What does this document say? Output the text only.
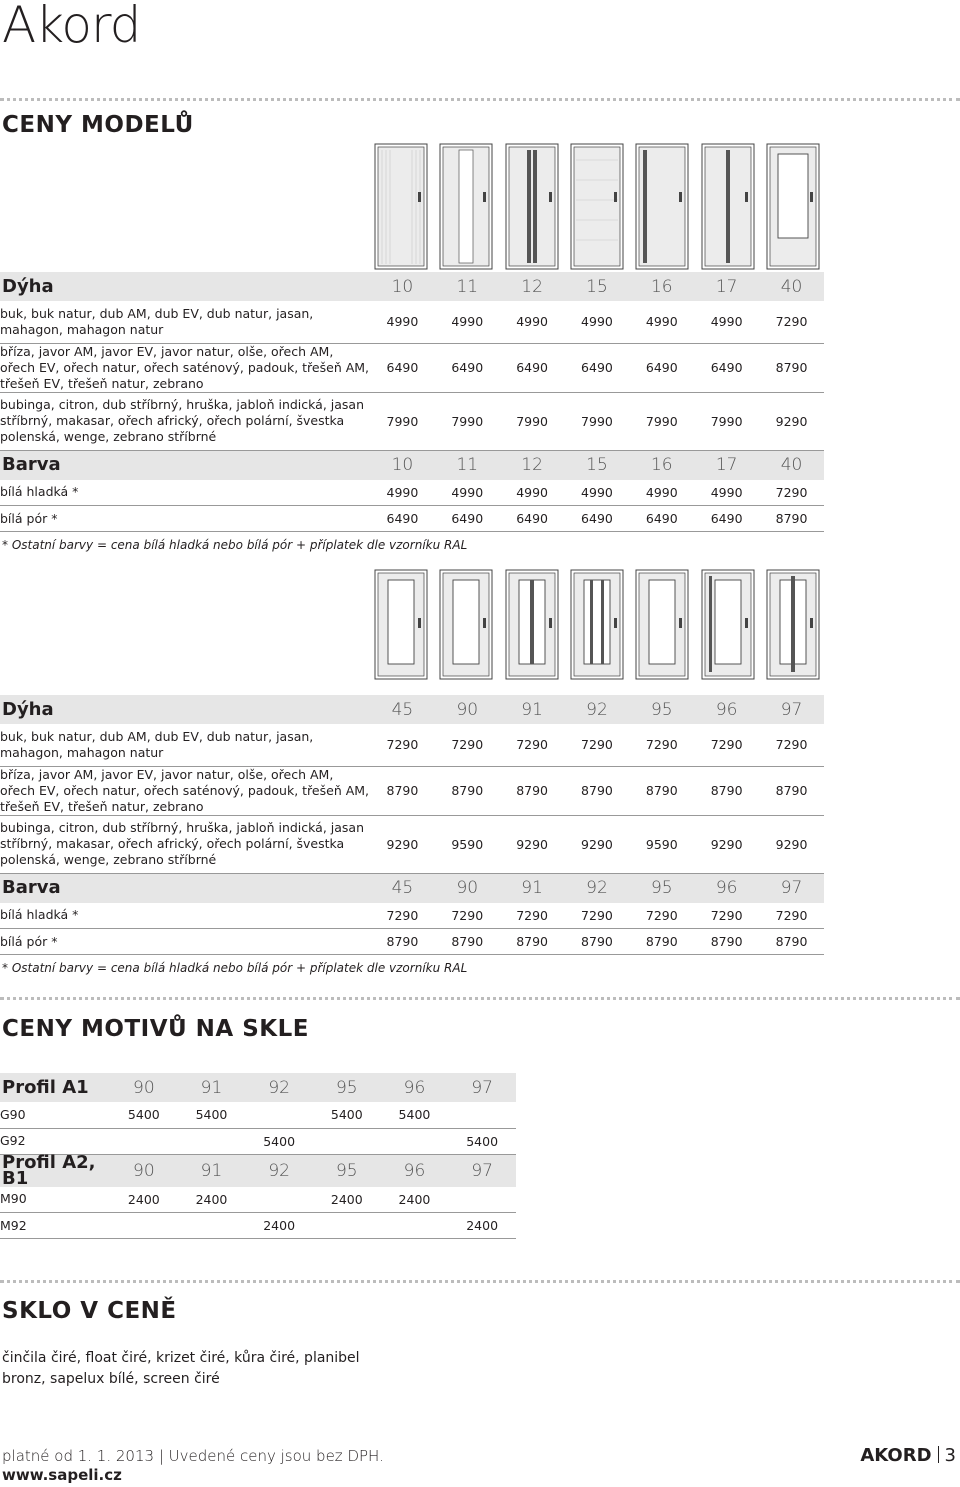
Akord
CENY MODELŮ
Dýha	10	11	12	15	16	17	40
buk, buk natur, dub AM, dub EV, dub natur, jasan, mahagon, mahagon natur	4990	4990	4990	4990	4990	4990	7290
bříza, javor AM, javor EV, javor natur, olše, ořech AM, ořech EV, ořech natur, ořech saténový, padouk, třešeň AM, třešeň EV, třešeň natur, zebrano	6490	6490	6490	6490	6490	6490	8790
bubinga, citron, dub stříbrný, hruška, jabloň indická, jasan stříbrný, makasar, ořech africký, ořech polární, švestka polenská, wenge, zebrano stříbrné	7990	7990	7990	7990	7990	7990	9290
Barva	10	11	12	15	16	17	40
bílá hladká *	4990	4990	4990	4990	4990	4990	7290
bílá pór *	6490	6490	6490	6490	6490	6490	8790
* Ostatní barvy = cena bílá hladká nebo bílá pór + příplatek dle vzorníku RAL
Dýha	45	90	91	92	95	96	97
buk, buk natur, dub AM, dub EV, dub natur, jasan, mahagon, mahagon natur	7290	7290	7290	7290	7290	7290	7290
bříza, javor AM, javor EV, javor natur, olše, ořech AM, ořech EV, ořech natur, ořech saténový, padouk, třešeň AM, třešeň EV, třešeň natur, zebrano	8790	8790	8790	8790	8790	8790	8790
bubinga, citron, dub stříbrný, hruška, jabloň indická, jasan stříbrný, makasar, ořech africký, ořech polární, švestka polenská, wenge, zebrano stříbrné	9290	9590	9290	9290	9590	9290	9290
Barva	45	90	91	92	95	96	97
bílá hladká *	7290	7290	7290	7290	7290	7290	7290
bílá pór *	8790	8790	8790	8790	8790	8790	8790
* Ostatní barvy = cena bílá hladká nebo bílá pór + příplatek dle vzorníku RAL
CENY MOTIVŮ NA SKLE
Profil A1	90	91	92	95	96	97
G90	5400	5400		5400	5400	
G92			5400			5400
Profil A2, B1	90	91	92	95	96	97
M90	2400	2400		2400	2400	
M92			2400			2400
SKLO V CENĚ
činčila čiré, float čiré, krizet čiré, kůra čiré, planibel bronz, sapelux bílé, screen čiré
platné od 1. 1. 2013 | Uvedené ceny jsou bez DPH.
www.sapeli.cz
AKORD 3
